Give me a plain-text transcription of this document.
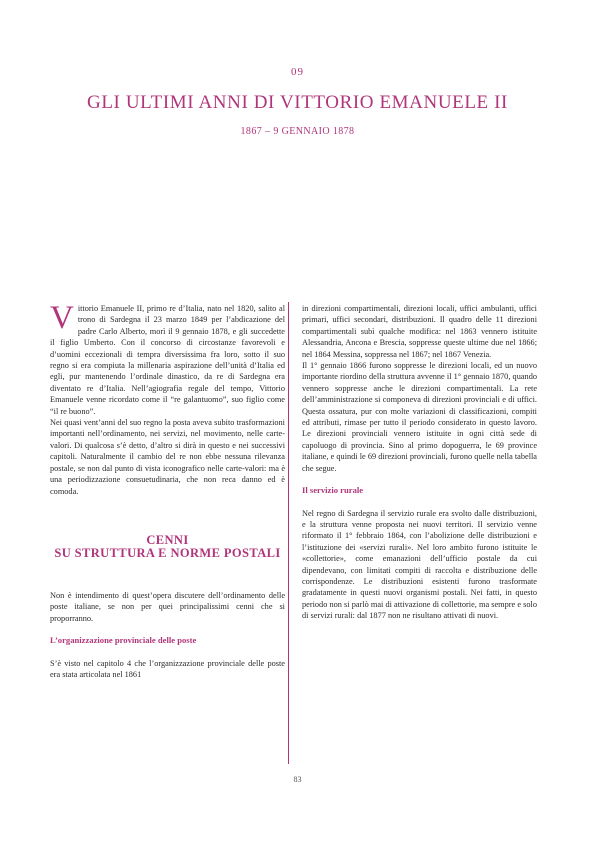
09
GLI ULTIMI ANNI DI VITTORIO EMANUELE II
1867 – 9 GENNAIO 1878

Vittorio Emanuele II, primo re d’Italia, nato nel 1820, salito al trono di Sardegna il 23 marzo 1849 per l’abdicazione del padre Carlo Alberto, morì il 9 gennaio 1878, e gli succedette il figlio Umberto. Con il concorso di circostanze favorevoli e d’uomini eccezionali di tempra diversissima fra loro, sotto il suo regno si era compiuta la millenaria aspirazione dell’unità d’Italia ed egli, pur mantenendo l’ordinale dinastico, da re di Sardegna era diventato re d’Italia. Nell’agiografia regale del tempo, Vittorio Emanuele venne ricordato come il “re galantuomo”, suo figlio come “il re buono”.

Nei quasi vent’anni del suo regno la posta aveva subito trasformazioni importanti nell’ordinamento, nei servizi, nel movimento, nelle carte-valori. Di qualcosa s’è detto, d’altro si dirà in questo e nei successivi capitoli. Naturalmente il cambio del re non ebbe nessuna rilevanza postale, se non dal punto di vista iconografico nelle carte-valori: ma è una periodizzazione consuetudinaria, che non reca danno ed è comoda.

CENNI
SU STRUTTURA E NORME POSTALI

Non è intendimento di quest’opera discutere dell’ordinamento delle poste italiane, se non per quei principalissimi cenni che si proporranno.

L’organizzazione provinciale delle poste

S’è visto nel capitolo 4 che l’organizzazione provinciale delle poste era stata articolata nel 1861

in direzioni compartimentali, direzioni locali, uffici ambulanti, uffici primari, uffici secondari, distribuzioni. Il quadro delle 11 direzioni compartimentali subì qualche modifica: nel 1863 vennero istituite Alessandria, Ancona e Brescia, soppresse queste ultime due nel 1866; nel 1864 Messina, soppressa nel 1867; nel 1867 Venezia.

Il 1° gennaio 1866 furono soppresse le direzioni locali, ed un nuovo importante riordino della struttura avvenne il 1° gennaio 1870, quando vennero soppresse anche le direzioni compartimentali. La rete dell’amministrazione si componeva di direzioni provinciali e di uffici. Questa ossatura, pur con molte variazioni di classificazioni, compiti ed attributi, rimase per tutto il periodo considerato in questo lavoro. Le direzioni provinciali vennero istituite in ogni città sede di capoluogo di provincia. Sino al primo dopoguerra, le 69 province italiane, e quindi le 69 direzioni provinciali, furono quelle nella tabella che segue.

Il servizio rurale

Nel regno di Sardegna il servizio rurale era svolto dalle distribuzioni, e la struttura venne proposta nei nuovi territori. Il servizio venne riformato il 1° febbraio 1864, con l’abolizione delle distribuzioni e l’istituzione dei «servizi rurali». Nel loro ambito furono istituite le «collettorie», come emanazioni dell’ufficio postale da cui dipendevano, con limitati compiti di raccolta e distribuzione delle corrispondenze. Le distribuzioni esistenti furono trasformate gradatamente in questi nuovi organismi postali. Nei fatti, in questo periodo non si parlò mai di attivazione di collettorie, ma sempre e solo di servizi rurali: dal 1877 non ne risultano attivati di nuovi.

83
